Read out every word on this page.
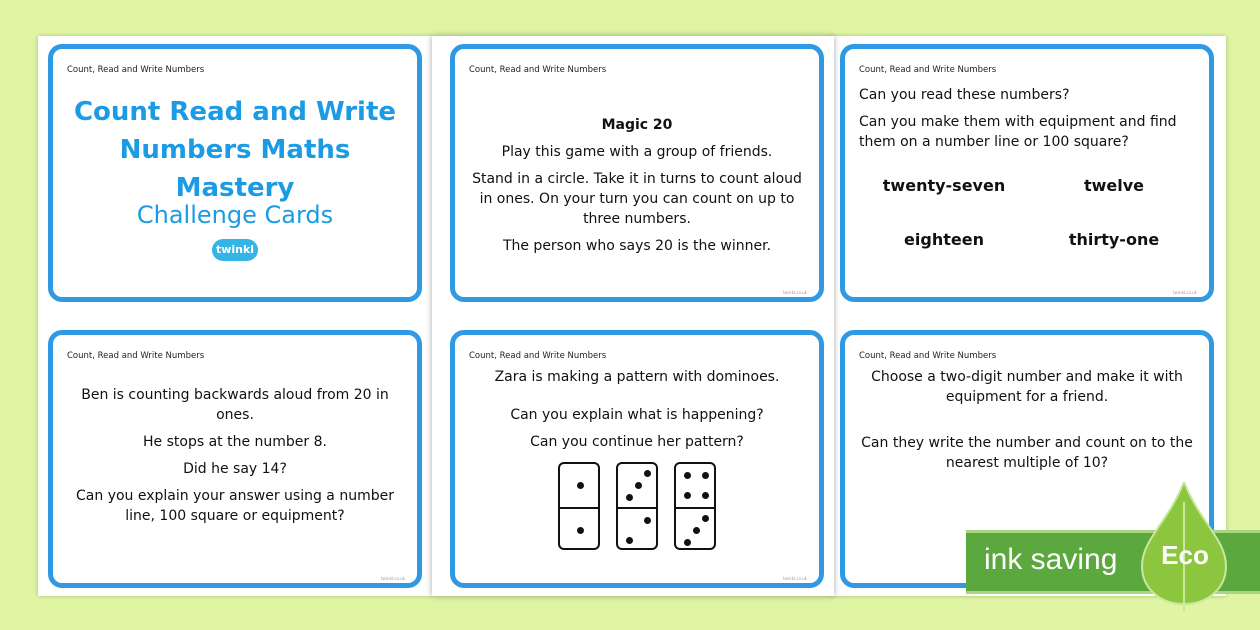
Count, Read and Write Numbers
Count Read and Write Numbers Maths Mastery
Challenge Cards
twinkl
Count, Read and Write Numbers
twinkl.co.uk

Ben is counting backwards aloud from 20 in ones.

He stops at the number 8.

Did he say 14?

Can you explain your answer using a number line, 100 square or equipment?

Count, Read and Write Numbers
twinkl.co.uk

Magic 20

Play this game with a group of friends.

Stand in a circle. Take it in turns to count aloud in ones. On your turn you can count on up to three numbers.

The person who says 20 is the winner.

Count, Read and Write Numbers
twinkl.co.uk

Zara is making a pattern with dominoes.

Can you explain what is happening?

Can you continue her pattern?

Count, Read and Write Numbers
twinkl.co.uk

Can you read these numbers?

Can you make them with equipment and find them on a number line or 100 square?

twenty-seven	twelve
eighteen	thirty-one
Count, Read and Write Numbers

Choose a two-digit number and make it with equipment for a friend.

Can they write the number and count on to the nearest multiple of 10?

ink saving Eco
